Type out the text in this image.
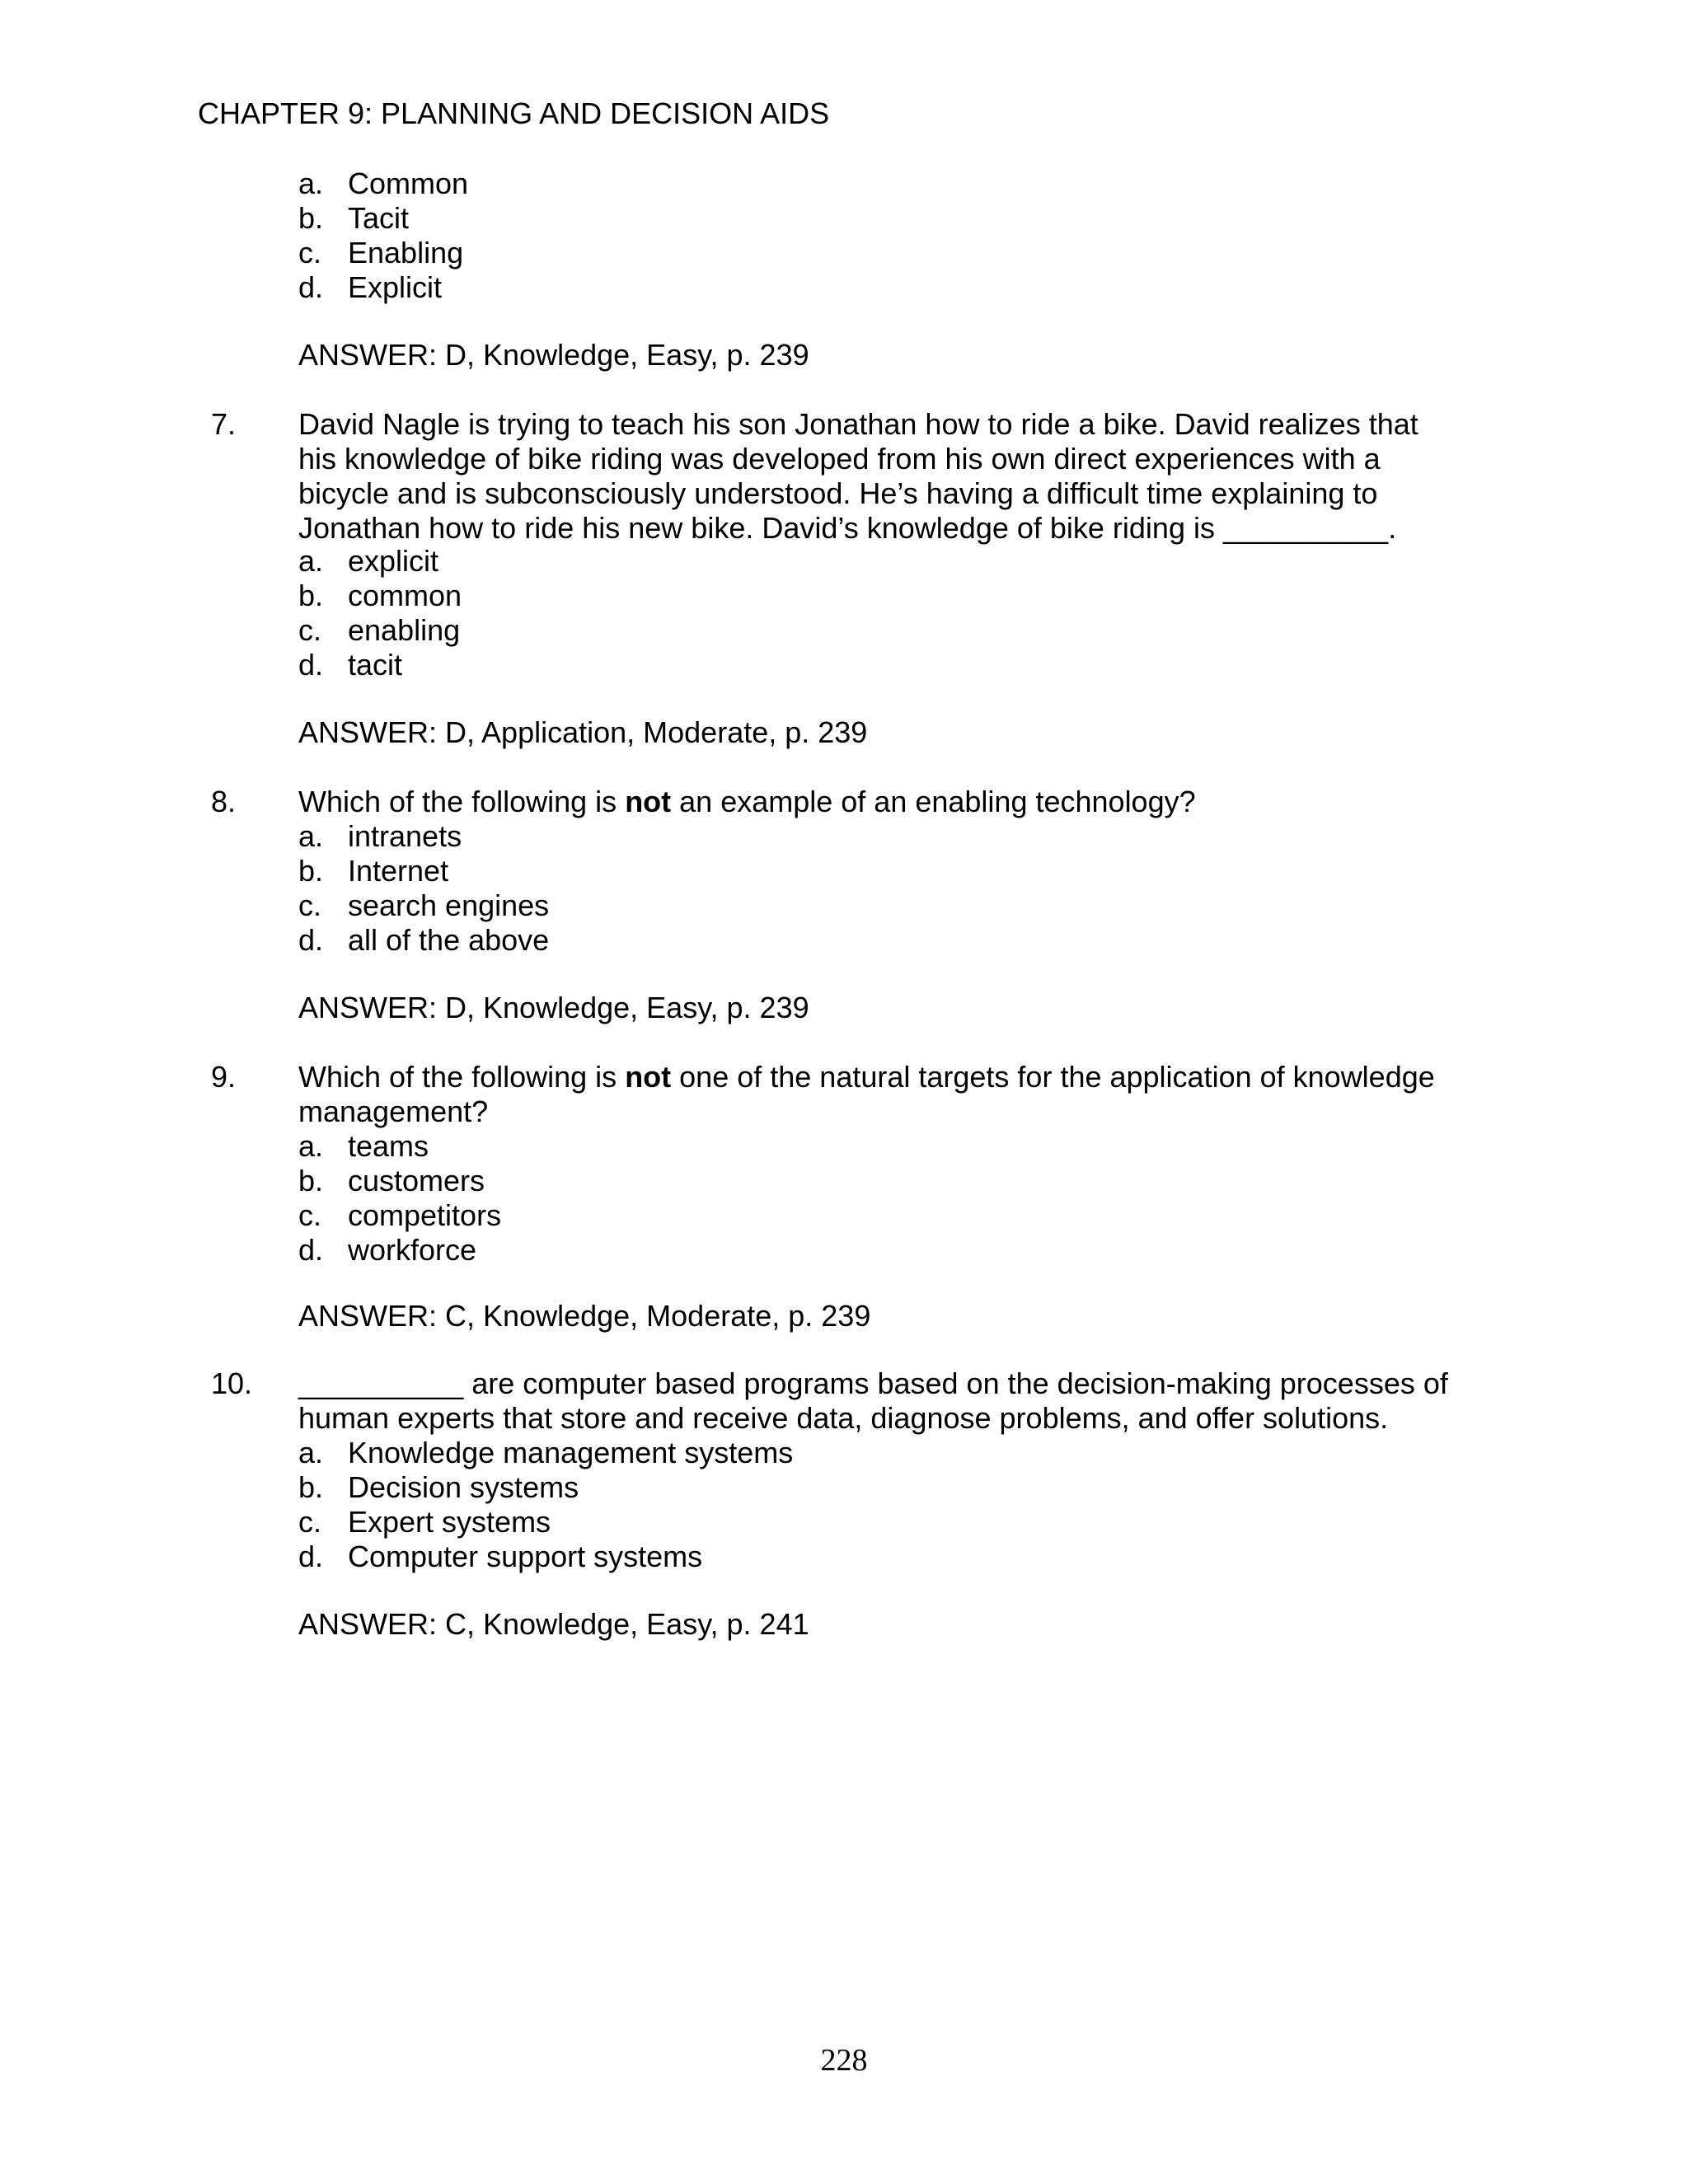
CHAPTER 9: PLANNING AND DECISION AIDS
a. Common
b. Tacit
c. Enabling
d. Explicit
ANSWER: D, Knowledge, Easy, p. 239
7. David Nagle is trying to teach his son Jonathan how to ride a bike. David realizes that
his knowledge of bike riding was developed from his own direct experiences with a
bicycle and is subconsciously understood. He’s having a difficult time explaining to
Jonathan how to ride his new bike. David’s knowledge of bike riding is __________.
a. explicit
b. common
c. enabling
d. tacit
ANSWER: D, Application, Moderate, p. 239
8. Which of the following is not an example of an enabling technology?
a. intranets
b. Internet
c. search engines
d. all of the above
ANSWER: D, Knowledge, Easy, p. 239
9. Which of the following is not one of the natural targets for the application of knowledge
management?
a. teams
b. customers
c. competitors
d. workforce
ANSWER: C, Knowledge, Moderate, p. 239
10. __________ are computer based programs based on the decision-making processes of
human experts that store and receive data, diagnose problems, and offer solutions.
a. Knowledge management systems
b. Decision systems
c. Expert systems
d. Computer support systems
ANSWER: C, Knowledge, Easy, p. 241
228
